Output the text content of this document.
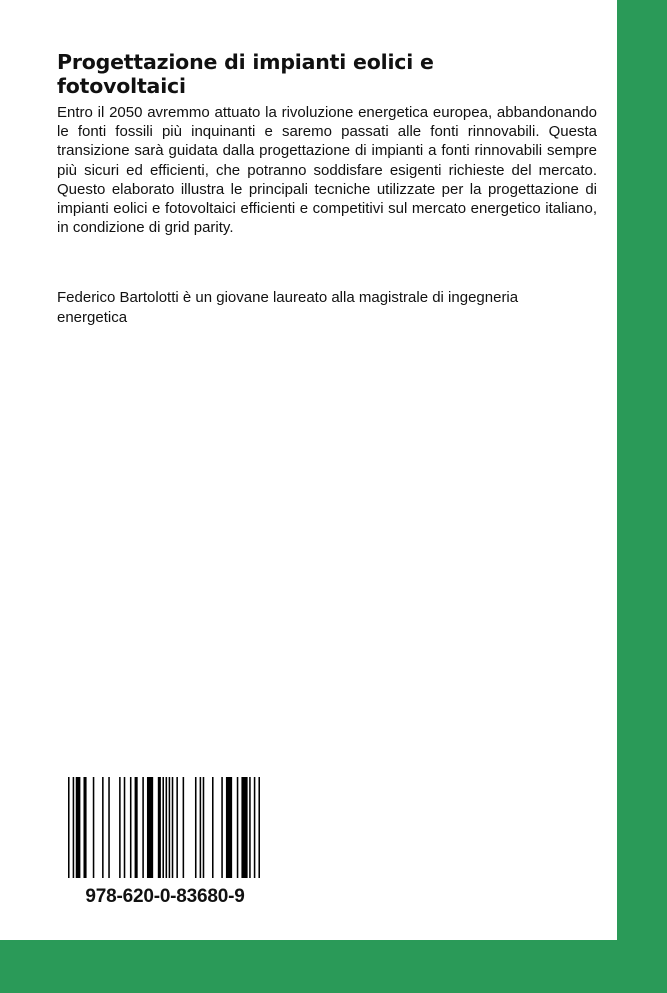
Progettazione di impianti eolici e fotovoltaici
Entro il 2050 avremmo attuato la rivoluzione energetica europea, abbandonando le fonti fossili più inquinanti e saremo passati alle fonti rinnovabili. Questa transizione sarà guidata dalla progettazione di impianti a fonti rinnovabili sempre più sicuri ed efficienti, che potranno soddisfare esigenti richieste del mercato. Questo elaborato illustra le principali tecniche utilizzate per la progettazione di impianti eolici e fotovoltaici efficienti e competitivi sul mercato energetico italiano, in condizione di grid parity.
Federico Bartolotti è un giovane laureato alla magistrale di ingegneria energetica
978-620-0-83680-9
